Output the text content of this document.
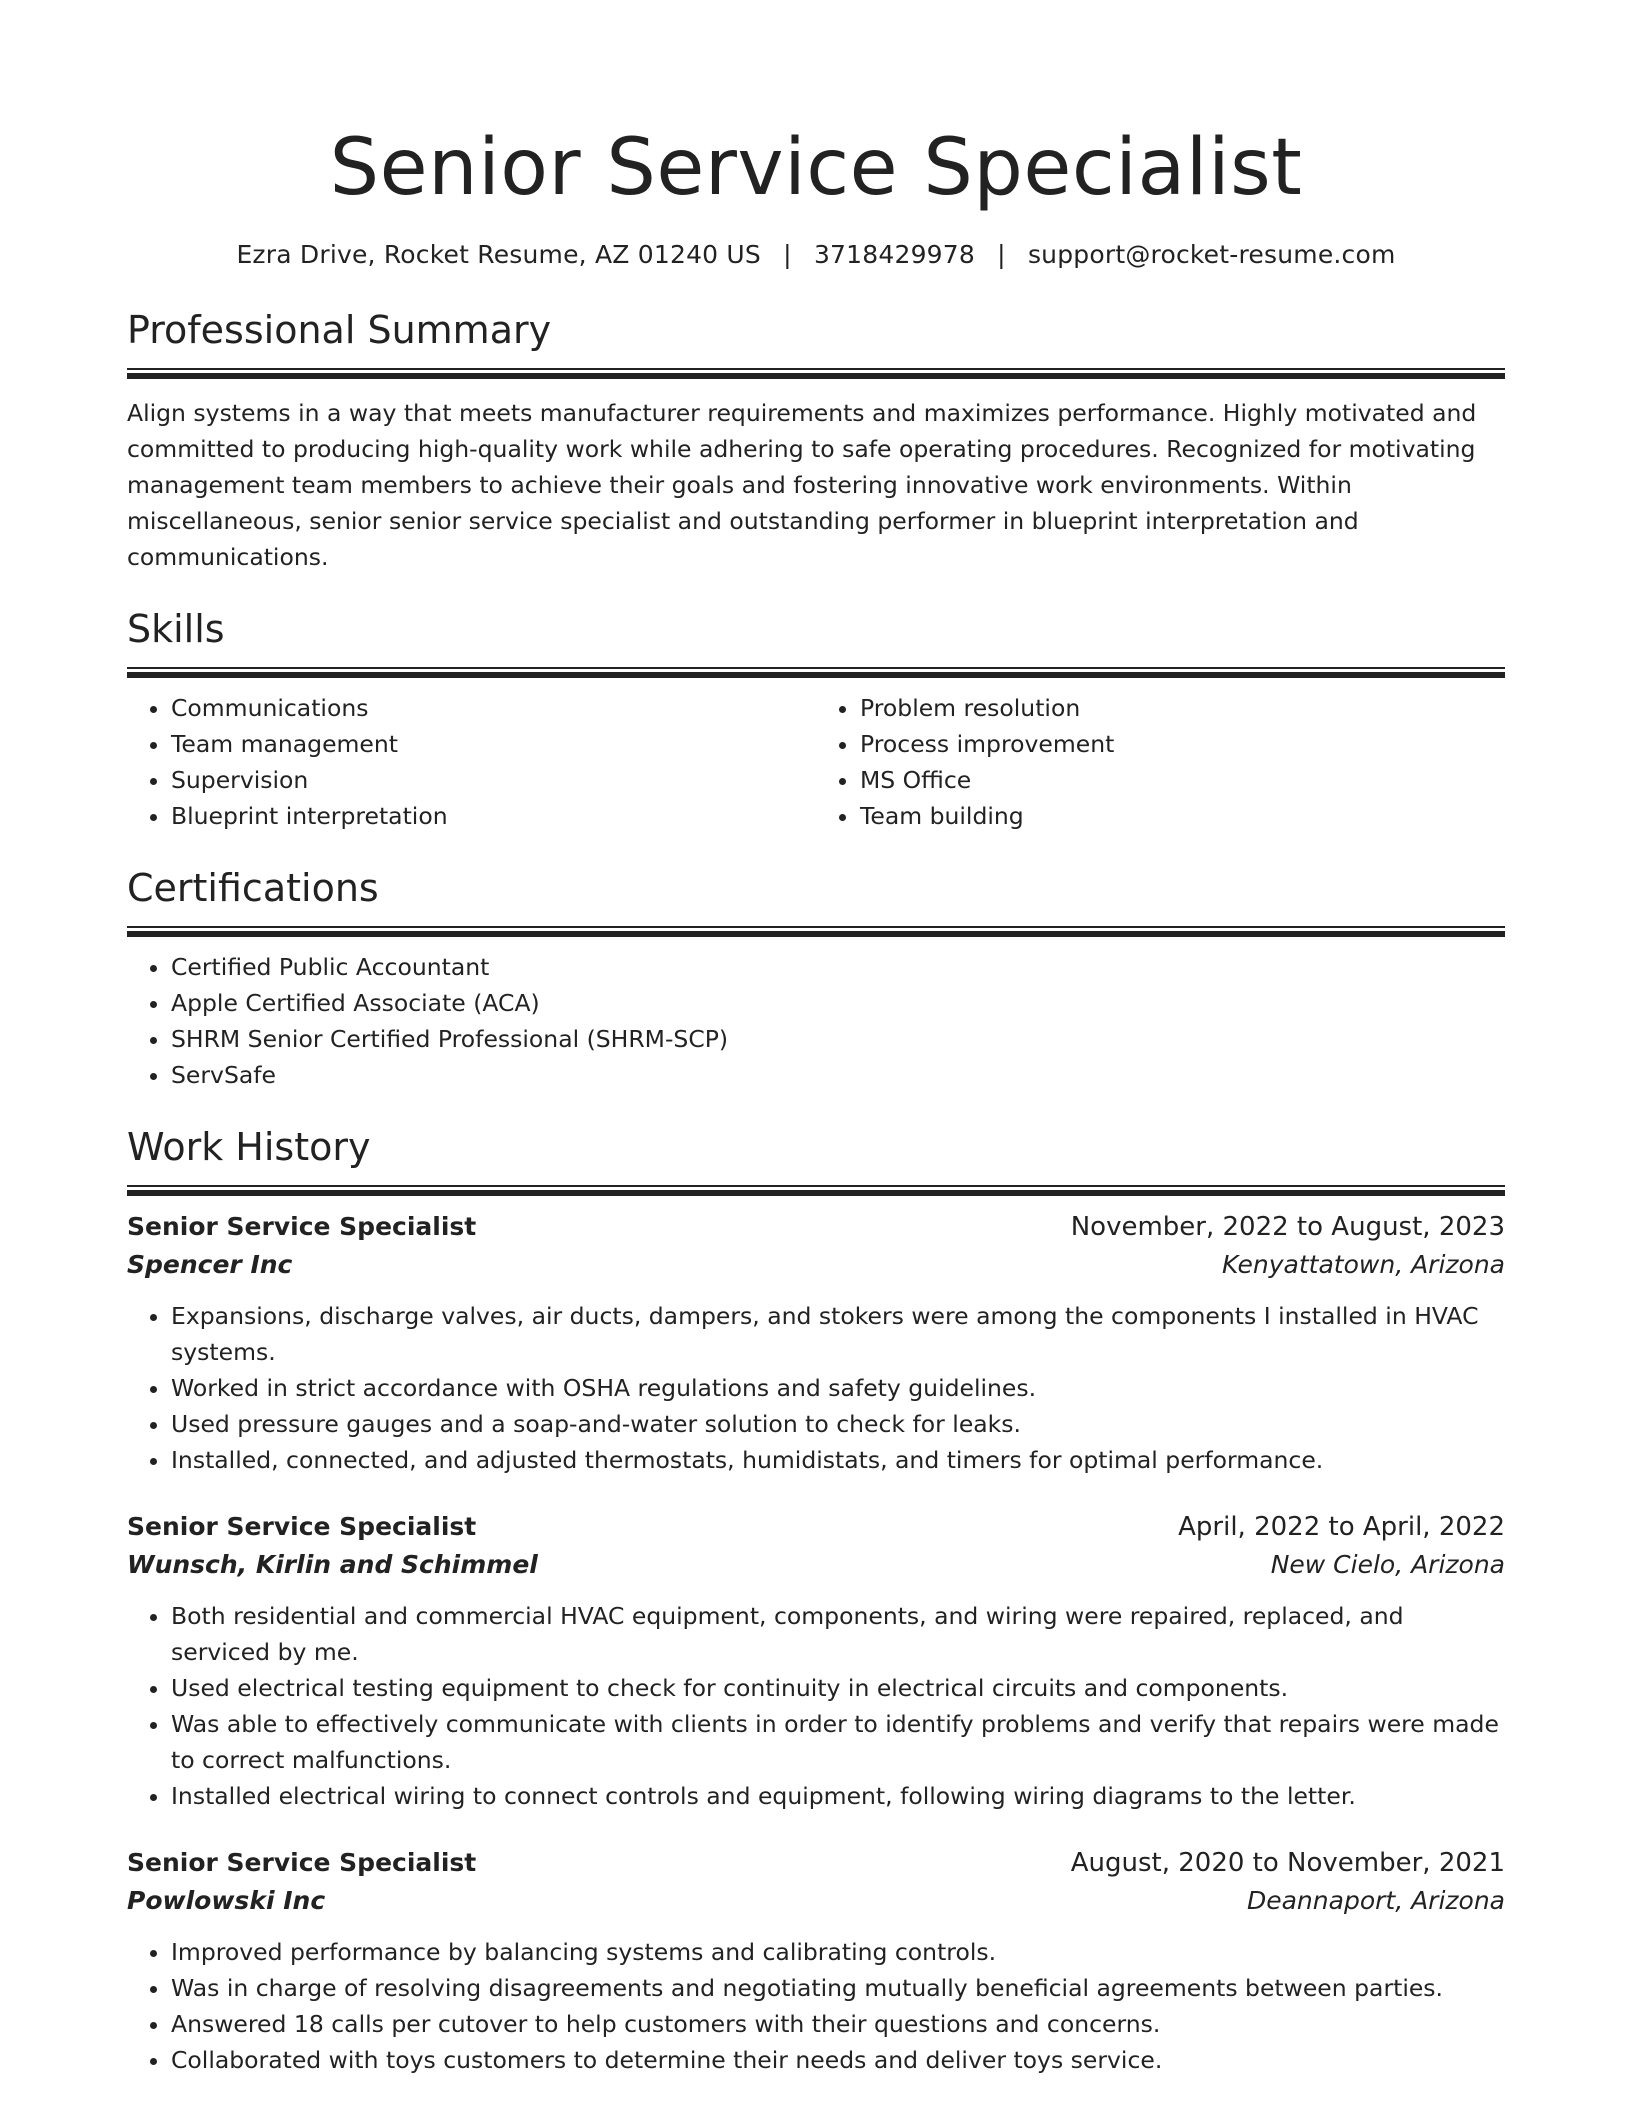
Senior Service Specialist
Ezra Drive, Rocket Resume, AZ 01240 US | 3718429978 | support@rocket-resume.com
Professional Summary
Align systems in a way that meets manufacturer requirements and maximizes performance. Highly motivated and committed to producing high-quality work while adhering to safe operating procedures. Recognized for motivating management team members to achieve their goals and fostering innovative work environments. Within miscellaneous, senior senior service specialist and outstanding performer in blueprint interpretation and communications.
Skills
• Communications
• Team management
• Supervision
• Blueprint interpretation
• Problem resolution
• Process improvement
• MS Office
• Team building
Certifications
• Certified Public Accountant
• Apple Certified Associate (ACA)
• SHRM Senior Certified Professional (SHRM-SCP)
• ServSafe
Work History
Senior Service Specialist	November, 2022 to August, 2023
Spencer Inc	Kenyattatown, Arizona
• Expansions, discharge valves, air ducts, dampers, and stokers were among the components I installed in HVAC systems.
• Worked in strict accordance with OSHA regulations and safety guidelines.
• Used pressure gauges and a soap-and-water solution to check for leaks.
• Installed, connected, and adjusted thermostats, humidistats, and timers for optimal performance.
Senior Service Specialist	April, 2022 to April, 2022
Wunsch, Kirlin and Schimmel	New Cielo, Arizona
• Both residential and commercial HVAC equipment, components, and wiring were repaired, replaced, and serviced by me.
• Used electrical testing equipment to check for continuity in electrical circuits and components.
• Was able to effectively communicate with clients in order to identify problems and verify that repairs were made to correct malfunctions.
• Installed electrical wiring to connect controls and equipment, following wiring diagrams to the letter.
Senior Service Specialist	August, 2020 to November, 2021
Powlowski Inc	Deannaport, Arizona
• Improved performance by balancing systems and calibrating controls.
• Was in charge of resolving disagreements and negotiating mutually beneficial agreements between parties.
• Answered 18 calls per cutover to help customers with their questions and concerns.
• Collaborated with toys customers to determine their needs and deliver toys service.
